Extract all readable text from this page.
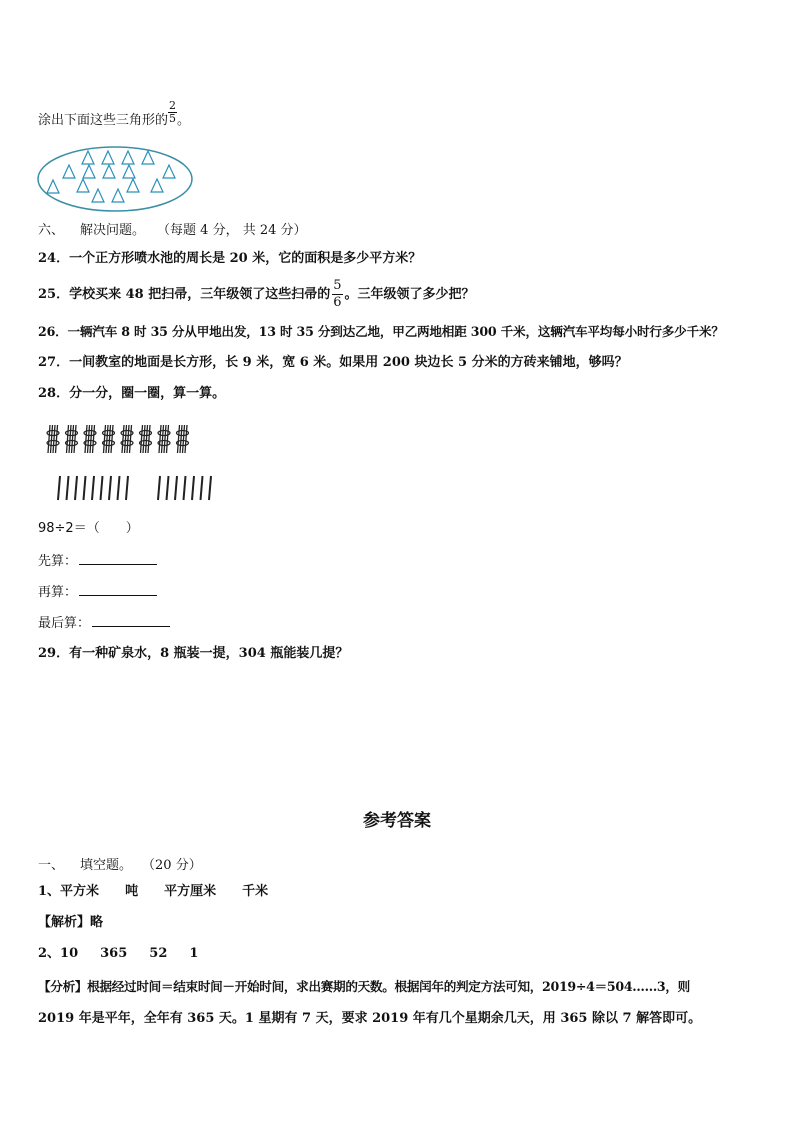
涂出下面这些三角形的 $\frac{2}{5}$ 。
六、 解决问题。 （每题 4 分， 共 24 分）
24．一个正方形喷水池的周长是 20 米，它的面积是多少平方米？
25．学校买来 48 把扫帚，三年级领了这些扫帚的 $\frac{5}{6}$ 。三年级领了多少把？
26．一辆汽车 8 时 35 分从甲地出发，13 时 35 分到达乙地，甲乙两地相距 300 千米，这辆汽车平均每小时行多少千米？
27．一间教室的地面是长方形，长 9 米，宽 6 米。如果用 200 块边长 5 分米的方砖来铺地，够吗？
28．分一分，圈一圈，算一算。
98÷2＝（　　）
先算：
再算：
最后算：
29．有一种矿泉水，8 瓶装一提，304 瓶能装几提？
参考答案
一、 填空题。 （20 分）
1、平方米 吨 平方厘米 千米
【解析】略
2、10 365 52 1
【分析】根据经过时间＝结束时间－开始时间，求出赛期的天数。根据闰年的判定方法可知，2019÷4＝504……3，则
2019 年是平年，全年有 365 天。1 星期有 7 天，要求 2019 年有几个星期余几天，用 365 除以 7 解答即可。
